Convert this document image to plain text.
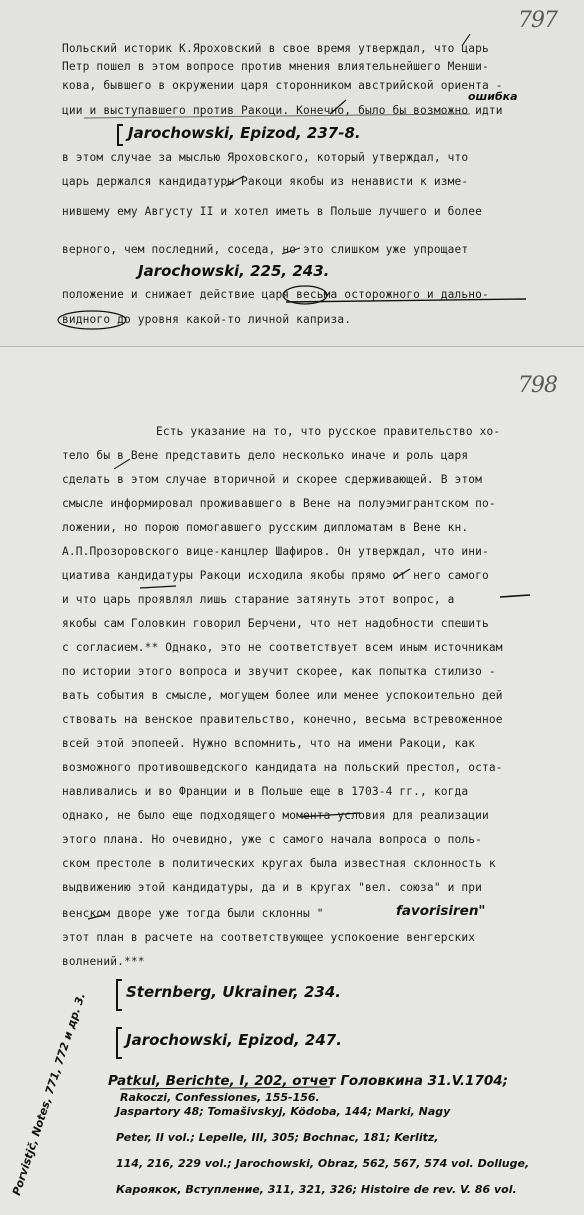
797
Польский историк К.Яроховский в свое время утверждал, что царь
Петр пошел в этом вопросе против мнения влиятельнейшего Менши-
кова, бывшего в окружении царя сторонником австрийской ориента -
ции и выступавшего против Ракоци. Конечно, было бы возможно идти
ошибка
Jarochowski, Epizod, 237-8.
в этом случае за мыслью Яроховского, который утверждал, что
царь держался кандидатуры Ракоци якобы из ненависти к изме-
нившему ему Августу II и хотел иметь в Польше лучшего и более
верного, чем последний, соседа, но это слишком уже упрощает
Jarochowski, 225, 243.
положение и снижает действие царя весьма осторожного и дально-
видного до уровня какой-то личной каприза.
798
Есть указание на то, что русское правительство хо-
тело бы в Вене представить дело несколько иначе и роль царя
сделать в этом случае вторичной и скорее сдерживающей. В этом
смысле информировал проживавшего в Вене на полуэмигрантском по-
ложении, но порою помогавшего русским дипломатам в Вене кн.
А.П.Прозоровского вице-канцлер Шафиров. Он утверждал, что ини-
циатива кандидатуры Ракоци исходила якобы прямо от него самого
и что царь проявлял лишь старание затянуть этот вопрос, а
якобы сам Головкин говорил Берчени, что нет надобности спешить
с согласием.** Однако, это не соответствует всем иным источникам
по истории этого вопроса и звучит скорее, как попытка стилизо -
вать события в смысле, могущем более или менее успокоительно дей
ствовать на венское правительство, конечно, весьма встревоженное
всей этой эпопеей. Нужно вспомнить, что на имени Ракоци, как
возможного противошведского кандидата на польский престол, оста-
навливались и во Франции и в Польше еще в 1703-4 гг., когда
однако, не было еще подходящего момента условия для реализации
этого плана. Но очевидно, уже с самого начала вопроса о поль-
ском престоле в политических кругах была известная склонность к
выдвижению этой кандидатуры, да и в кругах "вел. союза" и при
венском дворе уже тогда были склонны "	favorisiren"
этот план в расчете на соответствующее успокоение венгерских
волнений.***
Sternberg, Ukrainer, 234.
Jarochowski, Epizod, 247.
Patkul, Berichte, I, 202, отчет Головкина 31.V.1704;
Rakoczi, Confessiones, 155-156.
Jaspartory 48; Tomašivskyj, Ködoba, 144; Marki, Nagy
Peter, II vol.; Lepelle, III, 305; Bochnac, 181; Kerlitz,
114, 216, 229 vol.; Jarochowski, Obraz, 562, 567, 574 vol. Dolluge,
Кароякок, Вступление, 311, 321, 326; Histoire de rev. V. 86 vol.
Porvistjč, Notes, 771, 772 и др. 3.
